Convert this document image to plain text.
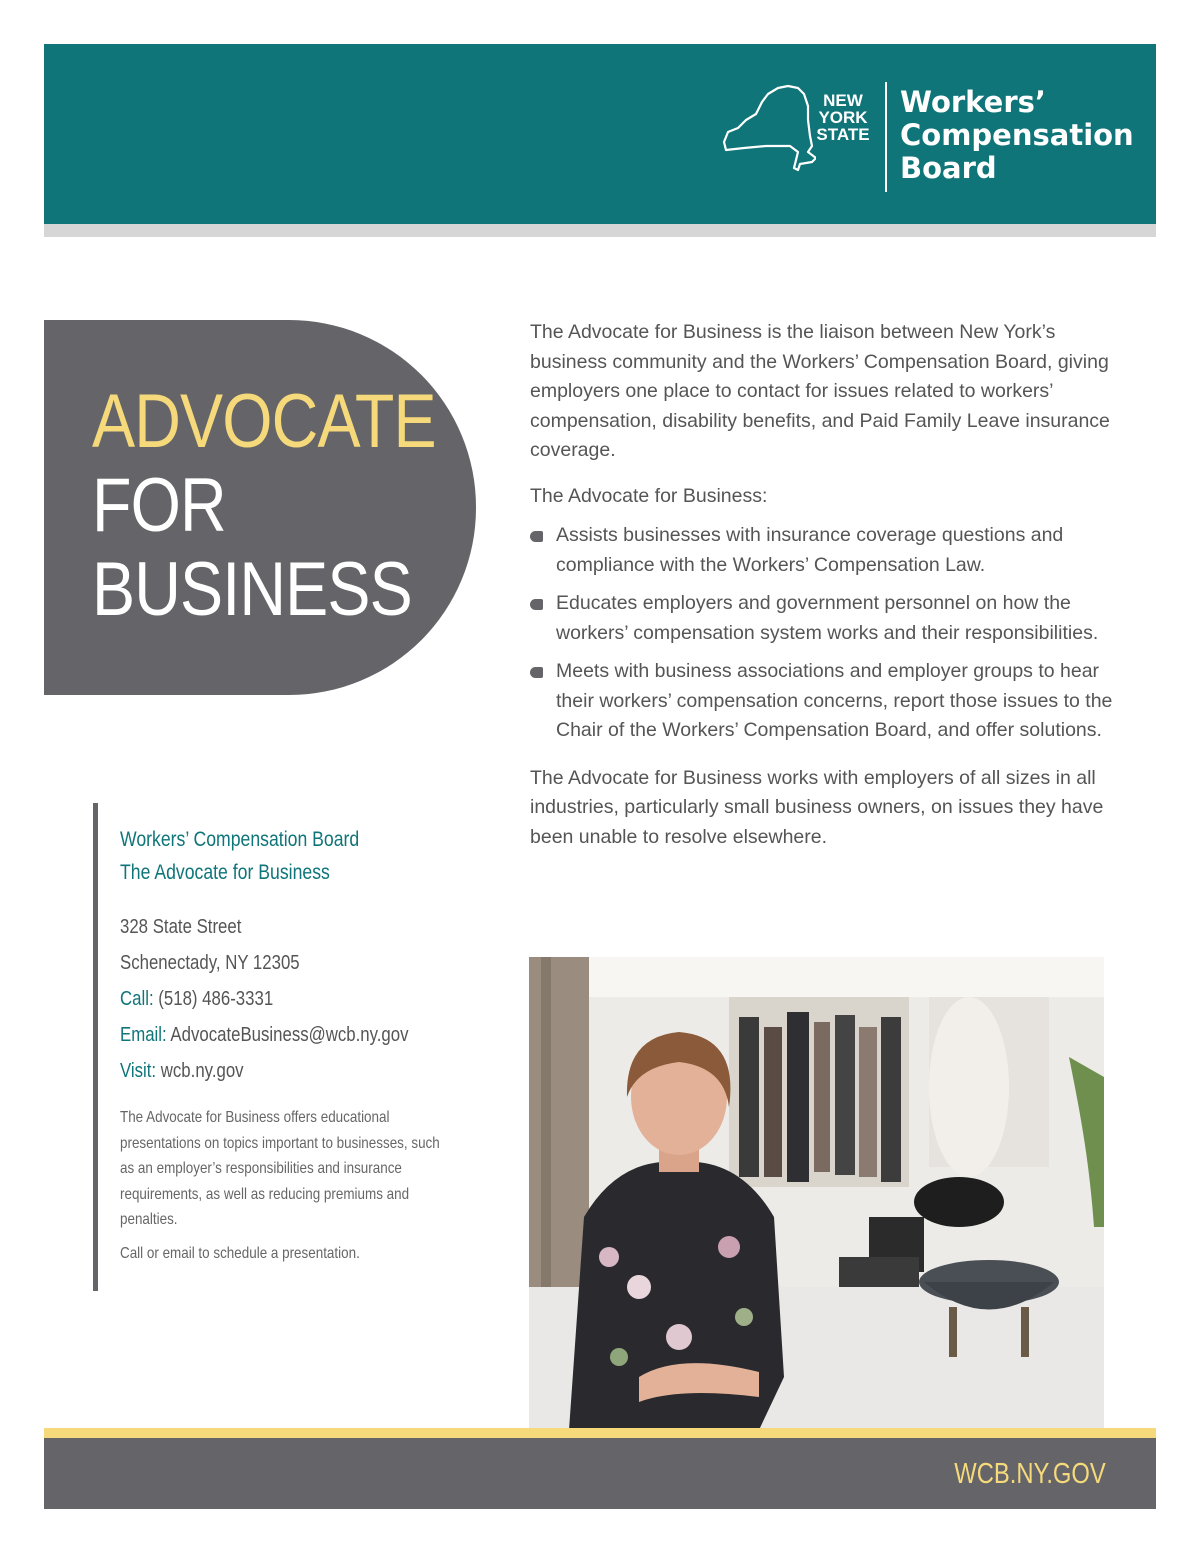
NEW
YORK
STATE
Workers’
Compensation
Board
ADVOCATE
FOR
BUSINESS

The Advocate for Business is the liaison between New York’s business community and the Workers’ Compensation Board, giving employers one place to contact for issues related to workers’ compensation, disability benefits, and Paid Family Leave insurance coverage.

The Advocate for Business:

Assists businesses with insurance coverage questions and compliance with the Workers’ Compensation Law.
Educates employers and government personnel on how the workers’ compensation system works and their responsibilities.
Meets with business associations and employer groups to hear their workers’ compensation concerns, report those issues to the Chair of the Workers’ Compensation Board, and offer solutions.

The Advocate for Business works with employers of all sizes in all industries, particularly small business owners, on issues they have been unable to resolve elsewhere.

Workers’ Compensation Board
The Advocate for Business
328 State Street
Schenectady, NY 12305
Call: (518) 486-3331
Email: AdvocateBusiness@wcb.ny.gov
Visit: wcb.ny.gov
The Advocate for Business offers educational presentations on topics important to businesses, such as an employer’s responsibilities and insurance requirements, as well as reducing premiums and penalties.
Call or email to schedule a presentation.
WCB.NY.GOV
